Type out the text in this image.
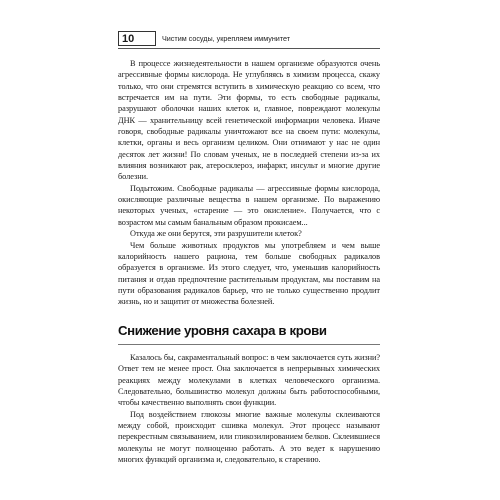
10	Чистим сосуды, укрепляем иммунитет

В процессе жизнедеятельности в нашем организме образуются очень агрессивные формы кислорода. Не углубляясь в химизм процесса, скажу только, что они стремятся вступить в химическую реакцию со всем, что встречается им на пути. Эти формы, то есть свободные радикалы, разрушают оболочки наших клеток и, главное, повреждают молекулы ДНК — хранительницу всей генетической информации человека. Иначе говоря, свободные радикалы уничтожают все на своем пути: молекулы, клетки, органы и весь организм целиком. Они отнимают у нас не один десяток лет жизни! По словам ученых, не в последней степени из-за их влияния возникают рак, атеросклероз, инфаркт, инсульт и многие другие болезни.

Подытожим. Свободные радикалы — агрессивные формы кислорода, окисляющие различные вещества в нашем организме. По выражению некоторых ученых, «старение — это окисление». Получается, что с возрастом мы самым банальным образом прокисаем...

Откуда же они берутся, эти разрушители клеток?

Чем больше животных продуктов мы употребляем и чем выше калорийность нашего рациона, тем больше свободных радикалов образуется в организме. Из этого следует, что, уменьшив калорийность питания и отдав предпочтение растительным продуктам, мы поставим на пути образования радикалов барьер, что не только существенно продлит жизнь, но и защитит от множества болезней.

Снижение уровня сахара в крови

Казалось бы, сакраментальный вопрос: в чем заключается суть жизни? Ответ тем не менее прост. Она заключается в непрерывных химических реакциях между молекулами в клетках человеческого организма. Следовательно, большинство молекул должны быть работоспособными, чтобы качественно выполнять свои функции.

Под воздействием глюкозы многие важные молекулы склеиваются между собой, происходит сшивка молекул. Этот процесс называют перекрестным связыванием, или гликозилированием белков. Склеившиеся молекулы не могут полноценно работать. А это ведет к нарушению многих функций организма и, следовательно, к старению.
